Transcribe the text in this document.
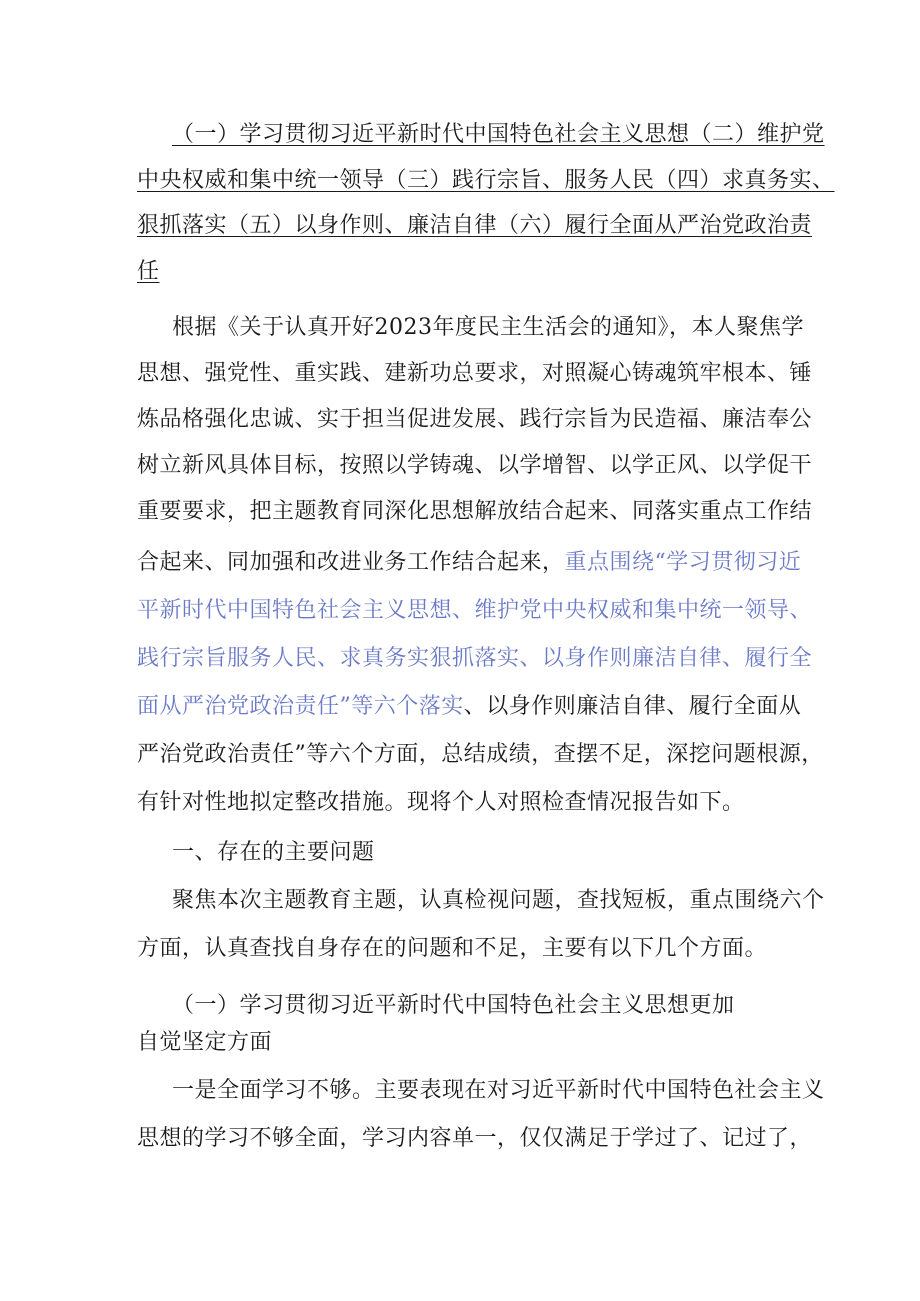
（一）学习贯彻习近平新时代中国特色社会主义思想（二）维护党
中央权威和集中统一领导（三）践行宗旨、服务人民（四）求真务实、
狠抓落实（五）以身作则、廉洁自律（六）履行全面从严治党政治责
任
根据《关于认真开好2023年度民主生活会的通知》，本人聚焦学
思想、强党性、重实践、建新功总要求，对照凝心铸魂筑牢根本、锤
炼品格强化忠诚、实于担当促进发展、践行宗旨为民造福、廉洁奉公
树立新风具体目标，按照以学铸魂、以学增智、以学正风、以学促干
重要要求，把主题教育同深化思想解放结合起来、同落实重点工作结
合起来、同加强和改进业务工作结合起来，重点围绕“学习贯彻习近
平新时代中国特色社会主义思想、维护党中央权威和集中统一领导、
践行宗旨服务人民、求真务实狠抓落实、以身作则廉洁自律、履行全
面从严治党政治责任”等六个落实、以身作则廉洁自律、履行全面从
严治党政治责任”等六个方面，总结成绩，查摆不足，深挖问题根源，
有针对性地拟定整改措施。现将个人对照检查情况报告如下。
一、存在的主要问题
聚焦本次主题教育主题，认真检视问题，查找短板，重点围绕六个
方面，认真查找自身存在的问题和不足，主要有以下几个方面。
（一）学习贯彻习近平新时代中国特色社会主义思想更加
自觉坚定方面
一是全面学习不够。主要表现在对习近平新时代中国特色社会主义
思想的学习不够全面，学习内容单一，仅仅满足于学过了、记过了，
